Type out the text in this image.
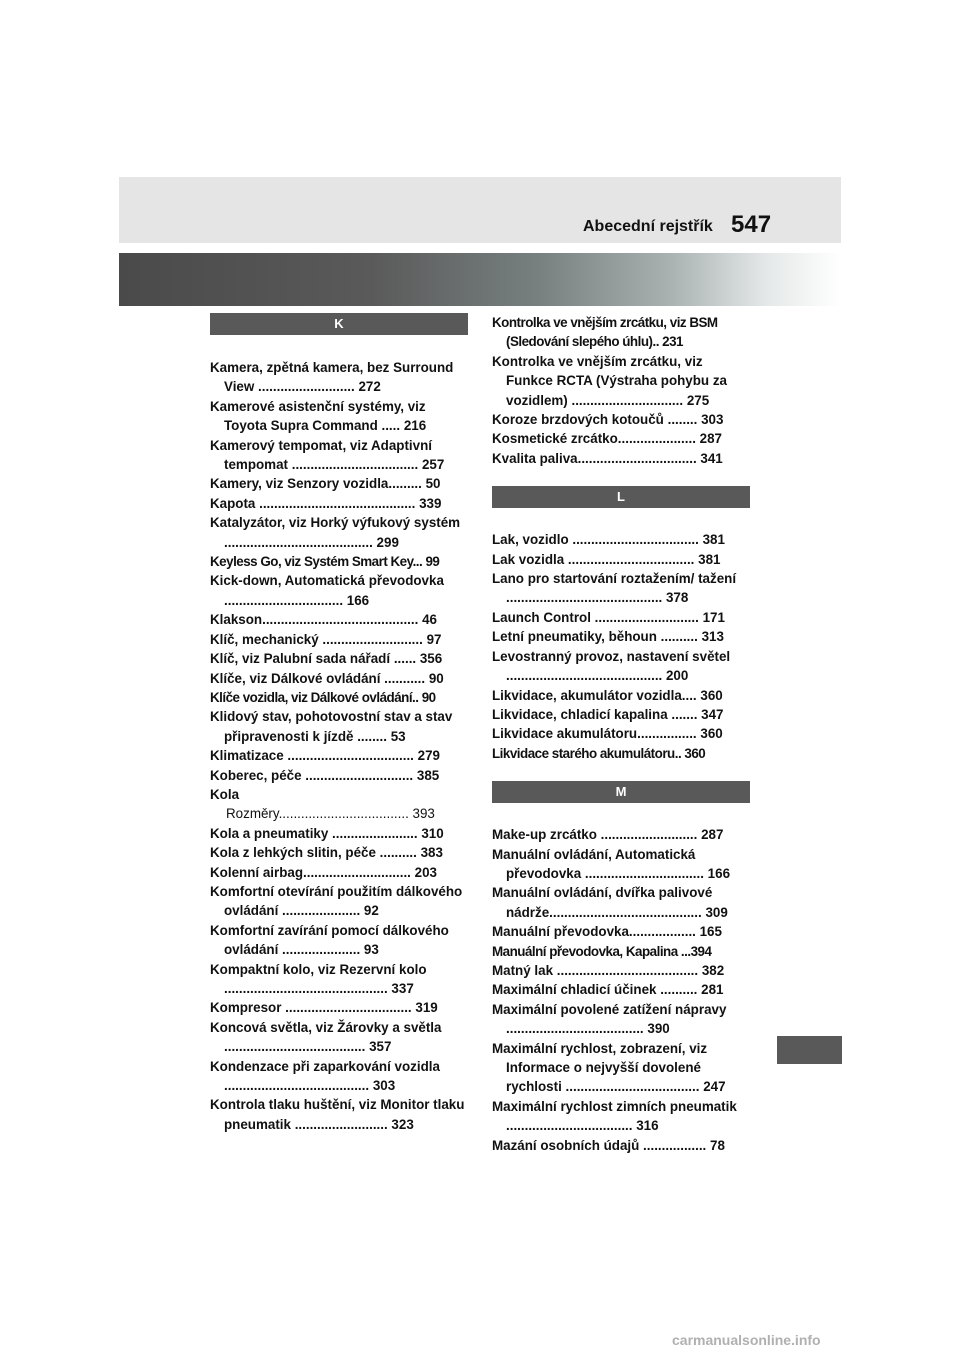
Abecední rejstřík 547
K
Kamera, zpětná kamera, bez Surround View .......................... 272
Kamerové asistenční systémy, viz Toyota Supra Command ..... 216
Kamerový tempomat, viz Adaptivní tempomat .................................. 257
Kamery, viz Senzory vozidla......... 50
Kapota .......................................... 339
Katalyzátor, viz Horký výfukový systém ........................................ 299
Keyless Go, viz Systém Smart Key... 99
Kick-down, Automatická převodovka ................................ 166
Klakson.......................................... 46
Klíč, mechanický ........................... 97
Klíč, viz Palubní sada nářadí ...... 356
Klíče, viz Dálkové ovládání ........... 90
Klíče vozidla, viz Dálkové ovládání.. 90
Klidový stav, pohotovostní stav a stav připravenosti k jízdě ........ 53
Klimatizace .................................. 279
Koberec, péče ............................. 385
Kola
Rozměry................................... 393
Kola a pneumatiky ....................... 310
Kola z lehkých slitin, péče .......... 383
Kolenní airbag............................. 203
Komfortní otevírání použitím dálkového ovládání ..................... 92
Komfortní zavírání pomocí dálkového ovládání ..................... 93
Kompaktní kolo, viz Rezervní kolo ............................................ 337
Kompresor .................................. 319
Koncová světla, viz Žárovky a světla ...................................... 357
Kondenzace při zaparkování vozidla ....................................... 303
Kontrola tlaku huštění, viz Monitor tlaku pneumatik ......................... 323
Kontrolka ve vnějším zrcátku, viz BSM (Sledování slepého úhlu).. 231
Kontrolka ve vnějším zrcátku, viz Funkce RCTA (Výstraha pohybu za vozidlem) .............................. 275
Koroze brzdových kotoučů ........ 303
Kosmetické zrcátko..................... 287
Kvalita paliva................................ 341
L
Lak, vozidlo .................................. 381
Lak vozidla .................................. 381
Lano pro startování roztažením/ tažení .......................................... 378
Launch Control ............................ 171
Letní pneumatiky, běhoun .......... 313
Levostranný provoz, nastavení světel .......................................... 200
Likvidace, akumulátor vozidla.... 360
Likvidace, chladicí kapalina ....... 347
Likvidace akumulátoru................ 360
Likvidace starého akumulátoru.. 360
M
Make-up zrcátko .......................... 287
Manuální ovládání, Automatická převodovka ................................ 166
Manuální ovládání, dvířka palivové nádrže......................................... 309
Manuální převodovka.................. 165
Manuální převodovka, Kapalina ...394
Matný lak ...................................... 382
Maximální chladicí účinek .......... 281
Maximální povolené zatížení nápravy ..................................... 390
Maximální rychlost, zobrazení, viz Informace o nejvyšší dovolené rychlosti .................................... 247
Maximální rychlost zimních pneumatik .................................. 316
Mazání osobních údajů ................. 78
carmanualsonline.info
